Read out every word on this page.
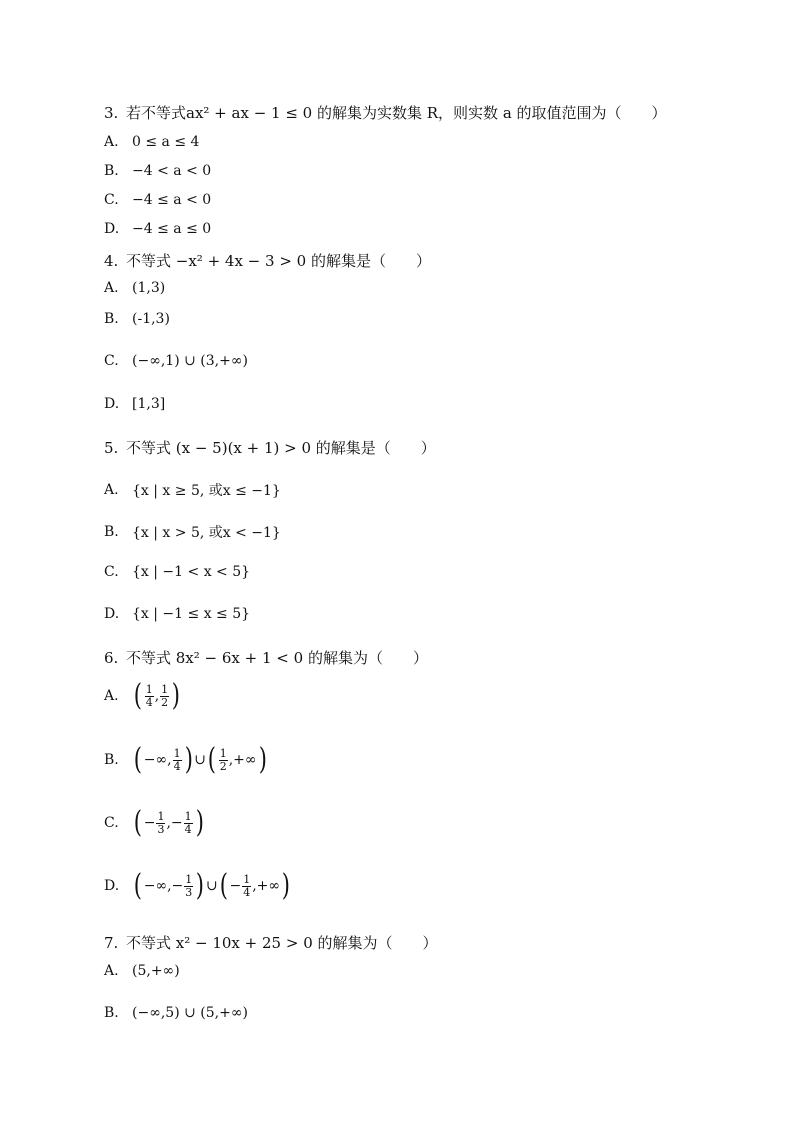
3. 若不等式ax² + ax − 1 ≤ 0 的解集为实数集 R，则实数 a 的取值范围为（　　）
A. 0 ≤ a ≤ 4
B. −4 < a < 0
C. −4 ≤ a < 0
D. −4 ≤ a ≤ 0
4. 不等式 −x² + 4x − 3 > 0 的解集是（　　）
A. (1,3)
B. (-1,3)
C. (−∞,1) ∪ (3,+∞)
D. [1,3]
5. 不等式 (x − 5)(x + 1) > 0 的解集是（　　）
A. {x | x ≥ 5, 或x ≤ −1}
B. {x | x > 5, 或x < −1}
C. {x | −1 < x < 5}
D. {x | −1 ≤ x ≤ 5}
6. 不等式 8x² − 6x + 1 < 0 的解集为（　　）
A. ( $\frac{1}{4}$ , $\frac{1}{2}$ )
B. ( −∞, $\frac{1}{4}$ ) ∪ ( $\frac{1}{2}$ ,+∞ )
C. ( − $\frac{1}{3}$ , − $\frac{1}{4}$ )
D. ( −∞,− $\frac{1}{3}$ ) ∪ ( − $\frac{1}{4}$ ,+∞ )
7. 不等式 x² − 10x + 25 > 0 的解集为（　　）
A. (5,+∞)
B. (−∞,5) ∪ (5,+∞)
